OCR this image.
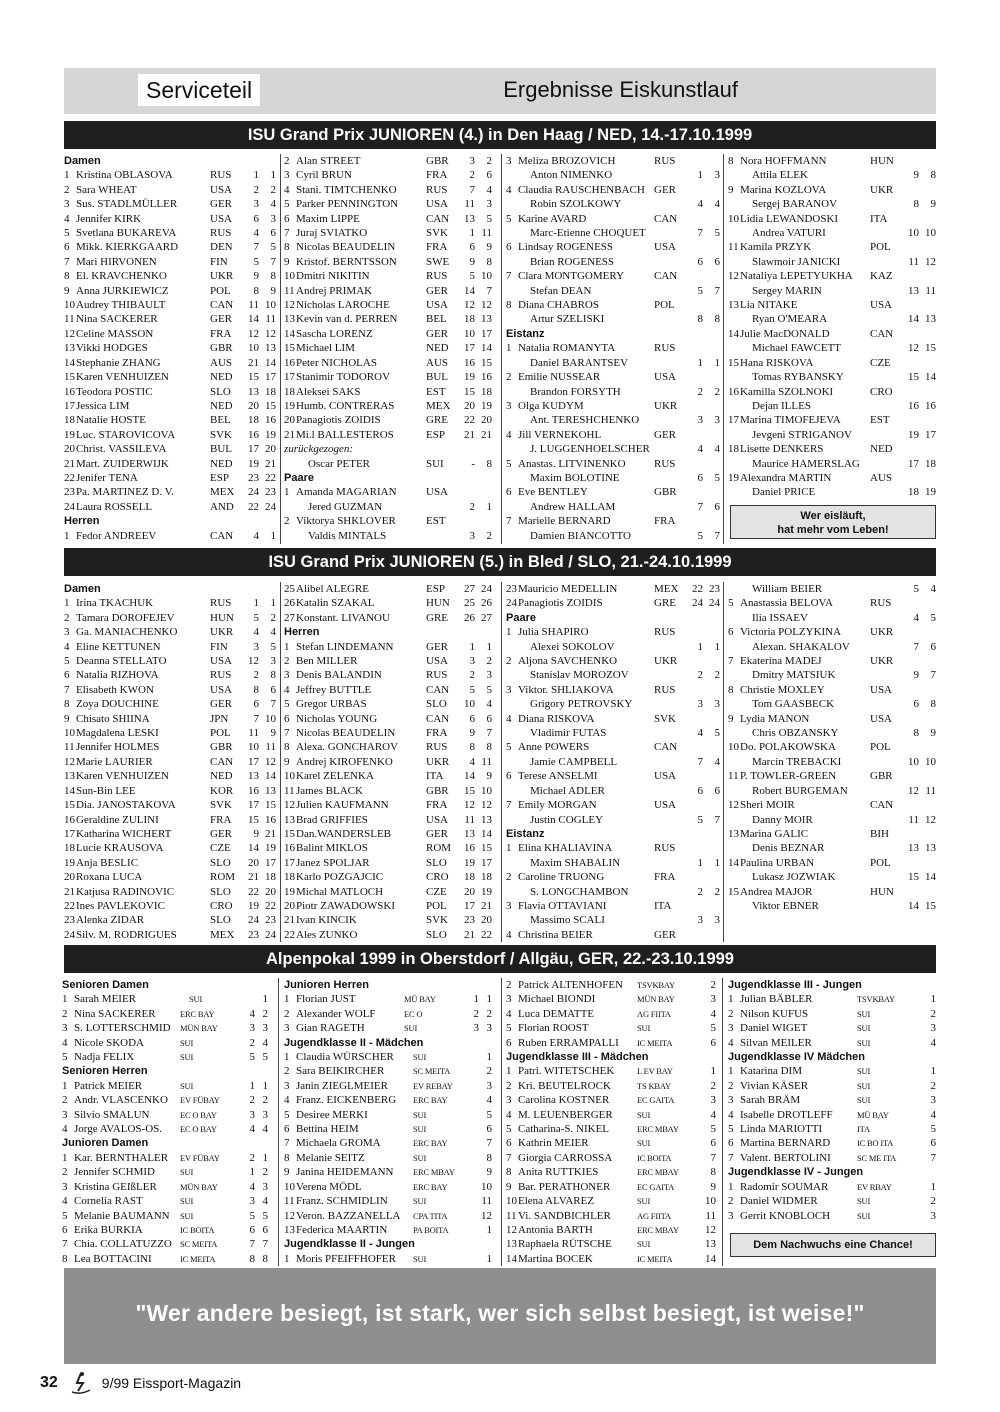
Serviceteil	Ergebnisse Eiskunstlauf
ISU Grand Prix JUNIOREN (4.) in Den Haag / NED, 14.-17.10.1999
ISU Grand Prix JUNIOREN (5.) in Bled / SLO, 21.-24.10.1999
Alpenpokal 1999 in Oberstdorf / Allgäu, GER, 22.-23.10.1999
Damen
1 Kristina OBLASOVA	RUS	1	1
2 Sara WHEAT	USA	2	2
3 Sus. STADLMÜLLER	GER	3	4
4 Jennifer KIRK	USA	6	3
5 Svetlana BUKAREVA	RUS	4	6
6 Mikk. KIERKGAARD	DEN	7	5
7 Mari HIRVONEN	FIN	5	7
8 El. KRAVCHENKO	UKR	9	8
9 Anna JURKIEWICZ	POL	8	9
10 Audrey THIBAULT	CAN	11 10
11 Nina SACKERER	GER	14 11
12 Celine MASSON	FRA	12 12
13 Vikki HODGES	GBR	10 13
14 Stephanie ZHANG	AUS	21 14
15 Karen VENHUIZEN	NED	15 17
16 Teodora POSTIC	SLO	13 18
17 Jessica LIM	NED	20 15
18 Natalie HOSTE	BEL	18 16
19 Luc. STAROVICOVA	SVK	16 19
20 Christ. VASSILEVA	BUL	17 20
21 Mart. ZUIDERWIJK	NED	19 21
22 Jenifer TENA	ESP	23 22
23 Pa. MARTINEZ D. V.	MEX	24 23
24 Laura ROSSELL	AND	22 24
Herren
1 Fedor ANDREEV	CAN	4	1
2 Alan STREET	GBR	3	2
3 Cyril BRUN	FRA	2	6
4 Stani. TIMTCHENKO	RUS	7	4
5 Parker PENNINGTON	USA	11	3
6 Maxim LIPPE	CAN	13	5
7 Juraj SVIATKO	SVK	1 11
8 Nicolas BEAUDELIN	FRA	6	9
9 Kristof. BERNTSSON	SWE	9	8
10 Dmitri NIKITIN	RUS	5 10
11 Andrej PRIMAK	GER	14	7
12 Nicholas LAROCHE	USA	12 12
13 Kevin van d. PERREN	BEL	18 13
14 Sascha LORENZ	GER	10 17
15 Michael LIM	NED	17 14
16 Peter NICHOLAS	AUS	16 15
17 Stanimir TODOROV	BUL	19 16
18 Aleksei SAKS	EST	15 18
19 Humb. CONTRERAS	MEX	20 19
20 Panagiotis ZOIDIS	GRE	22 20
21 Mi.l BALLESTEROS	ESP	21 21
zurückgezogen:
Oscar PETER	SUI	-	8
Paare
1 Amanda MAGARIAN	USA
Jered GUZMAN	2	1
2 Viktorya SHKLOVER	EST
Valdis MINTALS	3	2
3 Meliza BROZOVICH	RUS
Anton NIMENKO	1	3
4 Claudia RAUSCHENBACH GER
Robin SZOLKOWY	4	4
5 Karine AVARD	CAN
Marc-Etienne CHOQUET	7	5
6 Lindsay ROGENESS	USA
Brian ROGENESS	6	6
7 Clara MONTGOMERY	CAN
Stefan DEAN	5	7
8 Diana CHABROS	POL
Artur SZELISKI	8	8
Eistanz
1 Natalia ROMANYTA	RUS
Daniel BARANTSEV	1	1
2 Emilie NUSSEAR	USA
Brandon FORSYTH	2	2
3 Olga KUDYM	UKR
Ant. TERESHCHENKO	3	3
4 Jill VERNEKOHL	GER
J. LUGGENHOELSCHER	4	4
5 Anastas. LITVINENKO	RUS
Maxim BOLOTINE	6	5
6 Eve BENTLEY	GBR
Andrew HALLAM	7	6
7 Marielle BERNARD	FRA
Damien BIANCOTTO	5	7
8 Nora HOFFMANN	HUN
Attila ELEK	9	8
9 Marina KOZLOVA	UKR
Sergej BARANOV	8	9
10 Lidia LEWANDOSKI	ITA
Andrea VATURI	10 10
11 Kamila PRZYK	POL
Slawmoir JANICKI	11 12
12 Nataliya LEPETYUKHA	KAZ
Sergey MARIN	13 11
13 Lia NITAKE	USA
Ryan O'MEARA	14 13
14 Julie MacDONALD	CAN
Michael FAWCETT	12 15
15 Hana RISKOVA	CZE
Tomas RYBANSKY	15 14
16 Kamilla SZOLNOKI	CRO
Dejan ILLES	16 16
17 Marina TIMOFEJEVA	EST
Jevgeni STRIGANOV	19 17
18 Lisette DENKERS	NED
Maurice HAMERSLAG	17 18
19 Alexandra MARTIN	AUS
Daniel PRICE	18 19
Wer eisläuft,
hat mehr vom Leben!
Damen
1 Irina TKACHUK	RUS	1	1
2 Tamara DOROFEJEV	HUN	5	2
3 Ga. MANIACHENKO	UKR	4	4
4 Eline KETTUNEN	FIN	3	5
5 Deanna STELLATO	USA	12	3
6 Natalia RIZHOVA	RUS	2	8
7 Elisabeth KWON	USA	8	6
8 Zoya DOUCHINE	GER	6	7
9 Chisato SHIINA	JPN	7 10
10 Magdalena LESKI	POL	11	9
11 Jennifer HOLMES	GBR	10 11
12 Marie LAURIER	CAN	17 12
13 Karen VENHUIZEN	NED	13 14
14 Sun-Bin LEE	KOR	16 13
15 Dia. JANOSTAKOVA	SVK	17 15
16 Geraldine ZULINI	FRA	15 16
17 Katharina WICHERT	GER	9 21
18 Lucie KRAUSOVA	CZE	14 19
19 Anja BESLIC	SLO	20 17
20 Roxana LUCA	ROM	21 18
21 Katjusa RADINOVIC	SLO	22 20
22 Ines PAVLEKOVIC	CRO	19 22
23 Alenka ZIDAR	SLO	24 23
24 Silv. M. RODRIGUES	MEX	23 24
25 Alibel ALEGRE	ESP	27 24
26 Katalin SZAKAL	HUN	25 26
27 Konstant. LIVANOU	GRE	26 27
Herren
1 Stefan LINDEMANN	GER	1	1
2 Ben MILLER	USA	3	2
3 Denis BALANDIN	RUS	2	3
4 Jeffrey BUTTLE	CAN	5	5
5 Gregor URBAS	SLO	10	4
6 Nicholas YOUNG	CAN	6	6
7 Nicolas BEAUDELIN	FRA	9	7
8 Alexa. GONCHAROV	RUS	8	8
9 Andrej KIROFENKO	UKR	4 11
10 Karel ZELENKA	ITA	14	9
11 James BLACK	GBR	15 10
12 Julien KAUFMANN	FRA	12 12
13 Brad GRIFFIES	USA	11 13
15 Dan.WANDERSLEB	GER	13 14
16 Balint MIKLOS	ROM	16 15
17 Janez SPOLJAR	SLO	19 17
18 Karlo POZGAJCIC	CRO	18 18
19 Michal MATLOCH	CZE	20 19
20 Piotr ZAWADOWSKI	POL	17 21
21 Ivan KINCIK	SVK	23 20
22 Ales ZUNKO	SLO	21 22
23 Mauricio MEDELLIN	MEX	22 23
24 Panagiotis ZOIDIS	GRE	24 24
Paare
1 Julia SHAPIRO	RUS
Alexei SOKOLOV	1	1
2 Aljona SAVCHENKO	UKR
Stanislav MOROZOV	2	2
3 Viktor. SHLIAKOVA	RUS
Grigory PETROVSKY	3	3
4 Diana RISKOVA	SVK
Vladimir FUTAS	4	5
5 Anne POWERS	CAN
Jamie CAMPBELL	7	4
6 Terese ANSELMI	USA
Michael ADLER	6	6
7 Emily MORGAN	USA
Justin COGLEY	5	7
Eistanz
1 Elina KHALIAVINA	RUS
Maxim SHABALIN	1	1
2 Caroline TRUONG	FRA
S. LONGCHAMBON	2	2
3 Flavia OTTAVIANI	ITA
Massimo SCALI	3	3
4 Christina BEIER	GER
William BEIER	5	4
5 Anastassia BELOVA	RUS
Ilia ISSAEV	4	5
6 Victoria POLZYKINA	UKR
Alexan. SHAKALOV	7	6
7 Ekaterina MADEJ	UKR
Dmitry MATSIUK	9	7
8 Christie MOXLEY	USA
Tom GAASBECK	6	8
9 Lydia MANON	USA
Chris OBZANSKY	8	9
10 Do. POLAKOWSKA	POL
Marcin TREBACKI	10 10
11 P. TOWLER-GREEN	GBR
Robert BURGEMAN	12 11
12 Sheri MOIR	CAN
Danny MOIR	11 12
13 Marina GALIC	BIH
Denis BEZNAR	13 13
14 Paulina URBAN	POL
Lukasz JOZWIAK	15 14
15 Andrea MAJOR	HUN
Viktor EBNER	14 15
Senioren Damen
1 Sarah MEIER	SUI	1
2 Nina SACKERER	ERC BAY	4 2
3 S. LOTTERSCHMID	MÜN BAY	3 3
4 Nicole SKODA	SUI	2 4
5 Nadja FELIX	SUI	5 5
Senioren Herren
1 Patrick MEIER	SUI	1 1
2 Andr. VLASCENKO	EV FÜBAY	2 2
3 Silvio SMALUN	EC O BAY	3 3
4 Jorge AVALOS-OS.	EC O BAY	4 4
Junioren Damen
1 Kar. BERNTHALER	EV FÜBAY	2 1
2 Jennifer SCHMID	SUI	1 2
3 Kristina GEIßLER	MÜN BAY	4 3
4 Cornelia RAST	SUI	3 4
5 Melanie BAUMANN	SUI	5 5
6 Erika BURKIA	IC BOITA	6 6
7 Chia. COLLATUZZO SC MEITA	7 7
8 Lea BOTTACINI	IC MEITA	8 8
Junioren Herren
1 Florian JUST	MÜ BAY	1 1
2 Alexander WOLF	EC O	2 2
3 Gian RAGETH	SUI	3 3
Jugendklasse II - Mädchen
1 Claudia WÜRSCHER	SUI	1
2 Sara BEIKIRCHER	SC MEITA	2
3 Janin ZIEGLMEIER	EV REBAY	3
4 Franz. EICKENBERG	ERC BAY	4
5 Desiree MERKI	SUI	5
6 Bettina HEIM	SUI	6
7 Michaela GROMA	ERC BAY	7
8 Melanie SEITZ	SUI	8
9 Janina HEIDEMANN	ERC MBAY	9
10 Verena MÖDL	ERC BAY	10
11 Franz. SCHMIDLIN	SUI	11
12 Veron. BAZZANELLA	CPA TITA	12
13 Federica MAARTIN	PA BOITA	1
Jugendklasse II - Jungen
1 Moris PFEIFFHOFER	SUI	1
2 Patrick ALTENHOFEN	TSVKBAY	2
3 Michael BIONDI	MÜN BAY	3
4 Luca DEMATTE	AG FIITA	4
5 Florian ROOST	SUI	5
6 Ruben ERRAMPALLI	IC MEITA	6
Jugendklasse III - Mädchen
1 Patri. WITETSCHEK	L EV BAY	1
2 Kri. BEUTELROCK	TS KBAY	2
3 Carolina KOSTNER	EC GAITA	3
4 M. LEUENBERGER	SUI	4
5 Catharina-S. NIKEL	ERC MBAY	5
6 Kathrin MEIER	SUI	6
7 Giorgia CARROSSA	IC BOITA	7
8 Anita RUTTKIES	ERC MBAY	8
9 Bar. PERATHONER	EC GAITA	9
10 Elena ALVAREZ	SUI	10
11 Vi. SANDBICHLER	AG FIITA	11
12 Antonia BARTH	ERC MBAY	12
13 Raphaela RÜTSCHE	SUI	13
14 Martina BOCEK	IC MEITA	14
Jugendklasse III - Jungen
1 Julian BÄBLER	TSVKBAY	1
2 Nilson KUFUS	SUI	2
3 Daniel WIGET	SUI	3
4 Silvan MEILER	SUI	4
Jugendklasse IV Mädchen
1 Katarina DIM	SUI	1
2 Vivian KÄSER	SUI	2
3 Sarah BRÄM	SUI	3
4 Isabelle DROTLEFF	MÜ BAY	4
5 Linda MARIOTTI	ITA	5
6 Martina BERNARD	IC BO ITA	6
7 Valent. BERTOLINI	SC ME ITA	7
Jugendklasse IV - Jungen
1 Radomir SOUMAR	EV RBAY	1
2 Daniel WIDMER	SUI	2
3 Gerrit KNOBLOCH	SUI	3
Dem Nachwuchs eine Chance!
"Wer andere besiegt, ist stark, wer sich selbst besiegt, ist weise!"
32	9/99 Eissport-Magazin
